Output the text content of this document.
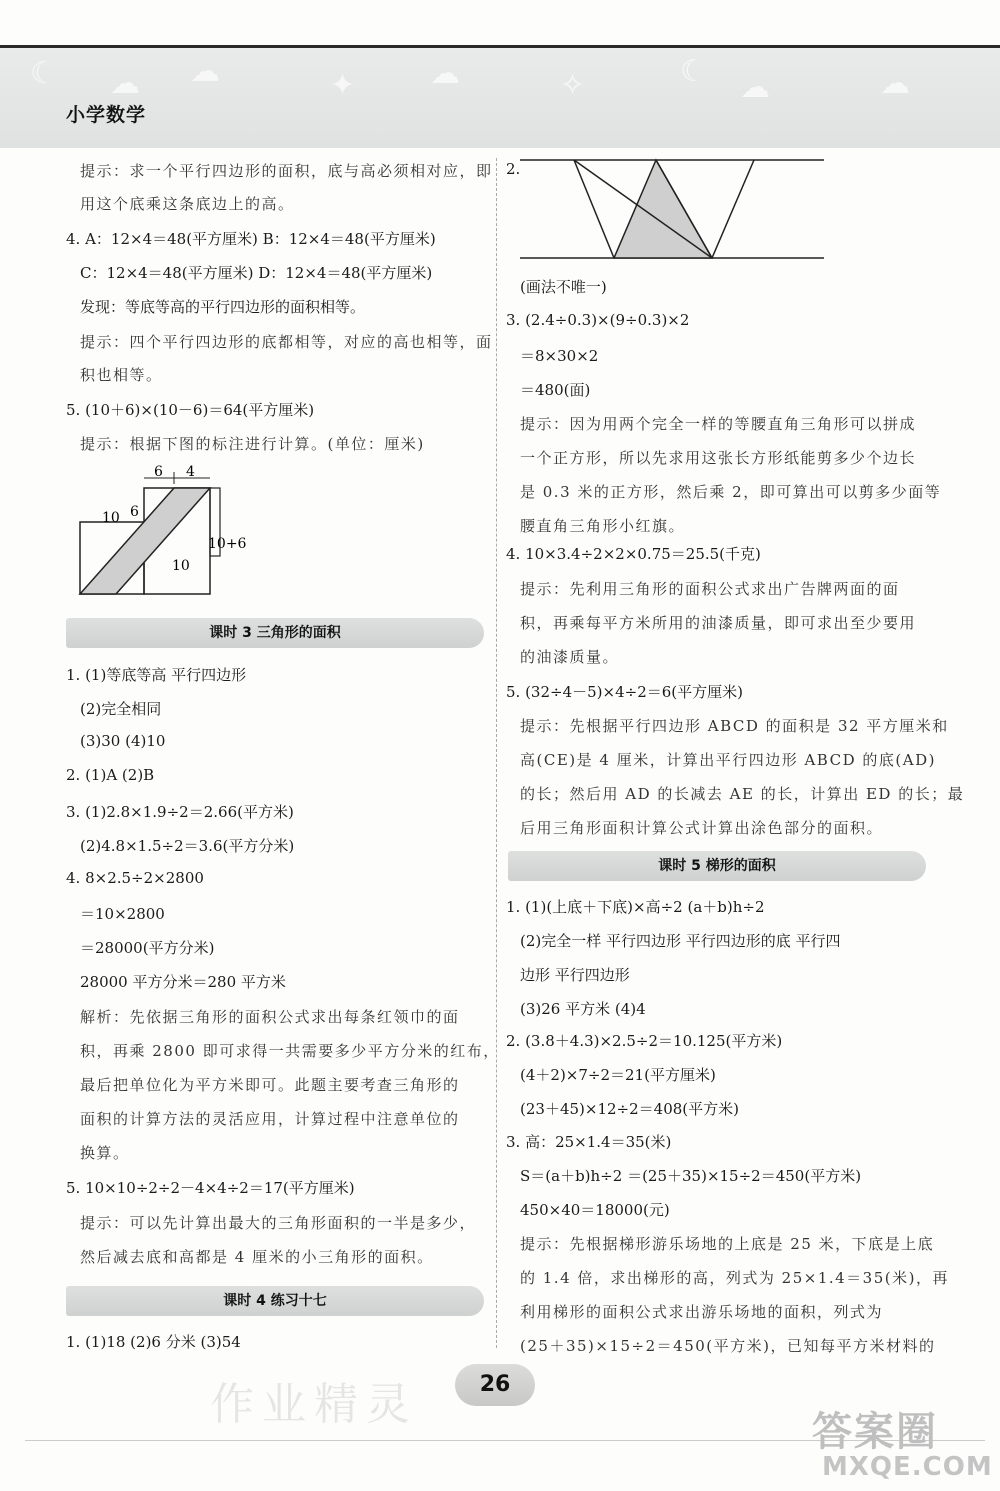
☾ ☁ ☁	✦ ☁	✧	☾ ☁	☁
小学数学
提示：求一个平行四边形的面积，底与高必须相对应，即
用这个底乘这条底边上的高。
4. A：12×4＝48(平方厘米) B：12×4＝48(平方厘米)
C：12×4＝48(平方厘米) D：12×4＝48(平方厘米)
发现：等底等高的平行四边形的面积相等。
提示：四个平行四边形的底都相等，对应的高也相等，面
积也相等。
5. (10＋6)×(10－6)＝64(平方厘米)
提示：根据下图的标注进行计算。(单位：厘米)
6 4
10 6
10+6
10
课时 3 三角形的面积
1. (1)等底等高 平行四边形
(2)完全相同
(3)30 (4)10
2. (1)A (2)B
3. (1)2.8×1.9÷2＝2.66(平方米)
(2)4.8×1.5÷2＝3.6(平方分米)
4. 8×2.5÷2×2800
＝10×2800
＝28000(平方分米)
28000 平方分米＝280 平方米
解析：先依据三角形的面积公式求出每条红领巾的面
积，再乘 2800 即可求得一共需要多少平方分米的红布，
最后把单位化为平方米即可。此题主要考查三角形的
面积的计算方法的灵活应用，计算过程中注意单位的
换算。
5. 10×10÷2÷2－4×4÷2＝17(平方厘米)
提示：可以先计算出最大的三角形面积的一半是多少，
然后减去底和高都是 4 厘米的小三角形的面积。
课时 4 练习十七
1. (1)18 (2)6 分米 (3)54
2.
(画法不唯一)
3. (2.4÷0.3)×(9÷0.3)×2
＝8×30×2
＝480(面)
提示：因为用两个完全一样的等腰直角三角形可以拼成
一个正方形，所以先求用这张长方形纸能剪多少个边长
是 0.3 米的正方形，然后乘 2，即可算出可以剪多少面等
腰直角三角形小红旗。
4. 10×3.4÷2×2×0.75＝25.5(千克)
提示：先利用三角形的面积公式求出广告牌两面的面
积，再乘每平方米所用的油漆质量，即可求出至少要用
的油漆质量。
5. (32÷4－5)×4÷2＝6(平方厘米)
提示：先根据平行四边形 ABCD 的面积是 32 平方厘米和
高(CE)是 4 厘米，计算出平行四边形 ABCD 的底(AD)
的长；然后用 AD 的长减去 AE 的长，计算出 ED 的长；最
后用三角形面积计算公式计算出涂色部分的面积。
课时 5 梯形的面积
1. (1)(上底＋下底)×高÷2 (a＋b)h÷2
(2)完全一样 平行四边形 平行四边形的底 平行四
边形 平行四边形
(3)26 平方米 (4)4
2. (3.8＋4.3)×2.5÷2＝10.125(平方米)
(4＋2)×7÷2＝21(平方厘米)
(23＋45)×12÷2＝408(平方米)
3. 高：25×1.4＝35(米)
S＝(a＋b)h÷2 ＝(25＋35)×15÷2＝450(平方米)
450×40＝18000(元)
提示：先根据梯形游乐场地的上底是 25 米，下底是上底
的 1.4 倍，求出梯形的高，列式为 25×1.4＝35(米)，再
利用梯形的面积公式求出游乐场地的面积，列式为
(25＋35)×15÷2＝450(平方米)，已知每平方米材料的
作业精灵	26
答案圈
MXQE.COM
